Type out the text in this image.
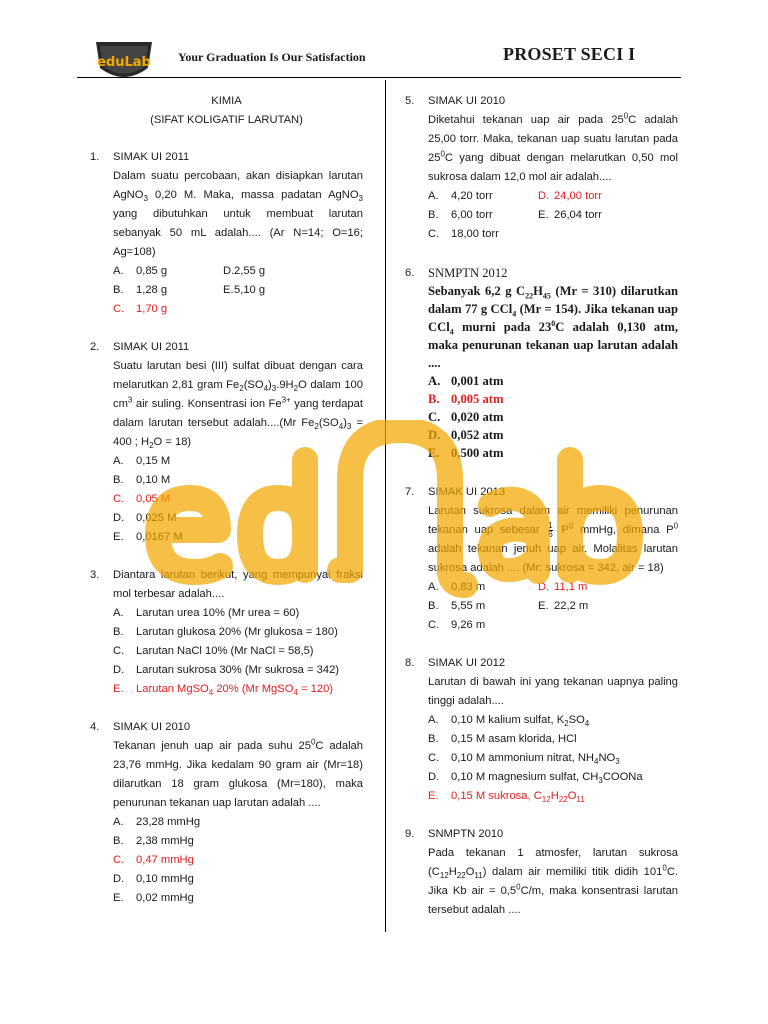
eduLab Your Graduation Is Our Satisfaction	PROSET SECI I
KIMIA
(SIFAT KOLIGATIF LARUTAN)
1.	SIMAK UI 2011
Dalam suatu percobaan, akan disiapkan larutan AgNO$_3$ 0,20 M. Maka, massa padatan AgNO$_3$ yang dibutuhkan untuk membuat larutan sebanyak 50 mL adalah.... (Ar N=14; O=16; Ag=108)
A.	0,85 g	D. 2,55 g
B.	1,28 g	E. 5,10 g
C.	1,70 g
2.	SIMAK UI 2011
Suatu larutan besi (III) sulfat dibuat dengan cara melarutkan 2,81 gram $Fe_2(SO_4)_3.9H_2O$ dalam 100 $cm^3$ air suling. Konsentrasi ion $Fe^{3+}$ yang terdapat dalam larutan tersebut adalah....(Mr $Fe_2(SO_4)_3 = 400$ ; $H_2O = 18$)
A.	0,15 M
B.	0,10 M
C.	0,05 M
D.	0,025 M
E.	0,0167 M
3.	Diantara larutan berikut, yang mempunyai fraksi mol terbesar adalah....
A.	Larutan urea 10% (Mr urea = 60)
B.	Larutan glukosa 20% (Mr glukosa = 180)
C.	Larutan NaCl 10% (Mr NaCl = 58,5)
D.	Larutan sukrosa 30% (Mr sukrosa = 342)
E.	Larutan MgSO$_4$ 20% (Mr MgSO$_4$ = 120)
4.	SIMAK UI 2010
Tekanan jenuh uap air pada suhu $25^0C$ adalah 23,76 mmHg. Jika kedalam 90 gram air (Mr=18) dilarutkan 18 gram glukosa (Mr=180), maka penurunan tekanan uap larutan adalah ....
A.	23,28 mmHg
B.	2,38 mmHg
C.	0,47 mmHg
D.	0,10 mmHg
E.	0,02 mmHg
5.	SIMAK UI 2010
Diketahui tekanan uap air pada $25^0C$ adalah 25,00 torr. Maka, tekanan uap suatu larutan pada $25^0C$ yang dibuat dengan melarutkan 0,50 mol sukrosa dalam 12,0 mol air adalah....
A.	4,20 torr	D. 24,00 torr
B.	6,00 torr	E. 26,04 torr
C.	18,00 torr
6.	SNMPTN 2012
Sebanyak 6,2 g $C_{22}H_{45}$ (Mr = 310) dilarutkan dalam 77 g CCl$_4$ (Mr = 154). Jika tekanan uap CCl$_4$ murni pada $23^0C$ adalah 0,130 atm, maka penurunan tekanan uap larutan adalah ....
A. 0,001 atm
B. 0,005 atm
C. 0,020 atm
D. 0,052 atm
E. 0,500 atm
7.	SIMAK UI 2013
Larutan sukrosa dalam air memiliki penurunan tekanan uap sebesar $\frac{1}{6} P^0$ mmHg, dimana $P^0$ adalah tekanan jenuh uap air. Molalitas larutan sukrosa adalah .... (Mr: sukrosa = 342, air = 18)
A.	0,83 m	D. 11,1 m
B.	5,55 m	E. 22,2 m
C.	9,26 m
8.	SIMAK UI 2012
Larutan di bawah ini yang tekanan uapnya paling tinggi adalah....
A.	0,10 M kalium sulfat, $K_2SO_4$
B.	0,15 M asam klorida, HCl
C.	0,10 M ammonium nitrat, $NH_4NO_3$
D.	0,10 M magnesium sulfat, $CH_3COONa$
E.	0,15 M sukrosa, $C_{12}H_{22}O_{11}$
9.	SNMPTN 2010
Pada tekanan 1 atmosfer, larutan sukrosa $(C_{12}H_{22}O_{11})$ dalam air memiliki titik didih $101^0C$. Jika Kb air = $0,5^0C/m$, maka konsentrasi larutan tersebut adalah ....
